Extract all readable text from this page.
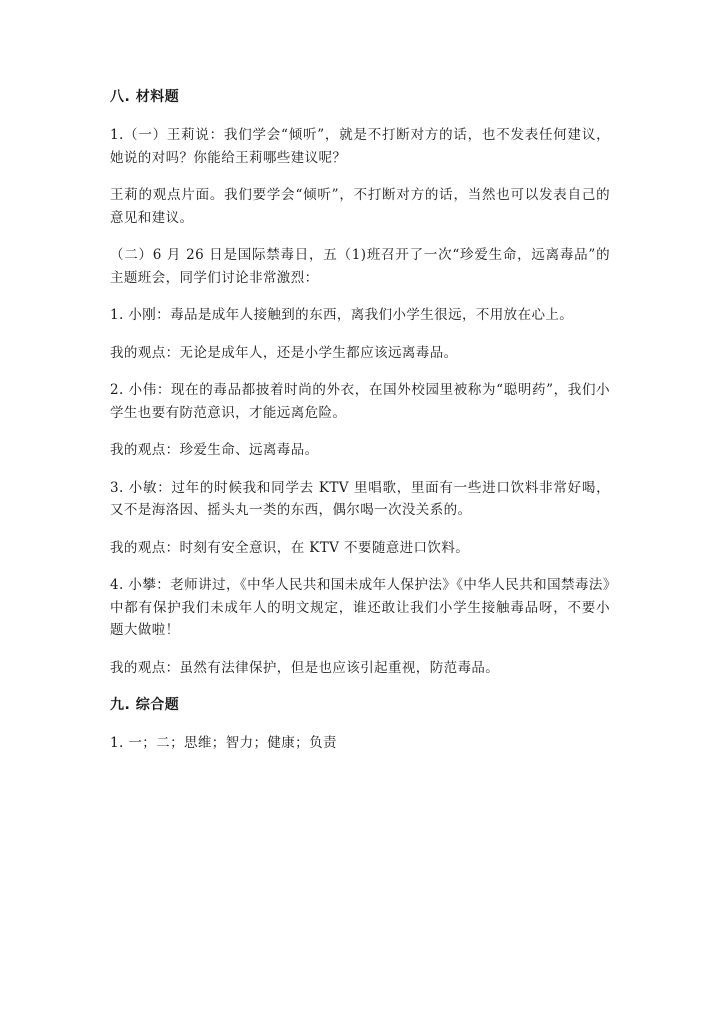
八. 材料题

1.（一）王莉说：我们学会“倾听”，就是不打断对方的话，也不发表任何建议，她说的对吗？你能给王莉哪些建议呢？

王莉的观点片面。我们要学会“倾听”，不打断对方的话，当然也可以发表自己的意见和建议。

（二）6 月 26 日是国际禁毒日，五（1)班召开了一次“珍爱生命，远离毒品”的主题班会，同学们讨论非常激烈：

1. 小刚：毒品是成年人接触到的东西，离我们小学生很远，不用放在心上。

我的观点：无论是成年人，还是小学生都应该远离毒品。

2. 小伟：现在的毒品都披着时尚的外衣，在国外校园里被称为“聪明药”，我们小学生也要有防范意识，才能远离危险。

我的观点：珍爱生命、远离毒品。

3. 小敏：过年的时候我和同学去 KTV 里唱歌，里面有一些进口饮料非常好喝，又不是海洛因、摇头丸一类的东西，偶尔喝一次没关系的。

我的观点：时刻有安全意识，在 KTV 不要随意进口饮料。

4. 小攀：老师讲过，《中华人民共和国未成年人保护法》《中华人民共和国禁毒法》中都有保护我们未成年人的明文规定，谁还敢让我们小学生接触毒品呀，不要小题大做啦！

我的观点：虽然有法律保护，但是也应该引起重视，防范毒品。

九. 综合题

1. 一；二；思维；智力；健康；负责
